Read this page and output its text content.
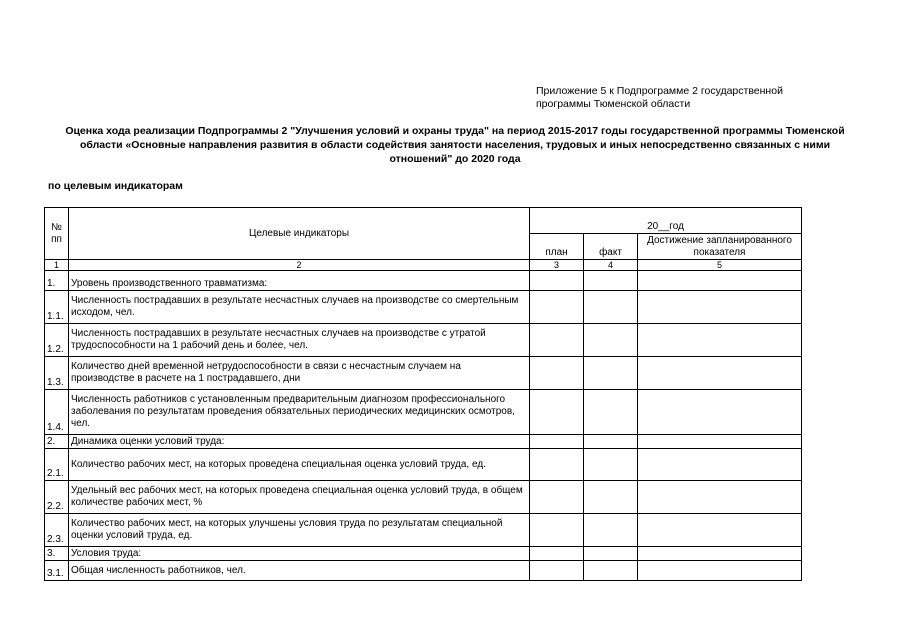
Приложение 5 к Подпрограмме 2 государственной программы Тюменской области
Оценка хода реализации Подпрограммы 2 "Улучшения условий и охраны труда" на период 2015-2017 годы государственной программы Тюменской области «Основные направления развития в области содействия занятости населения, трудовых и иных непосредственно связанных с ними отношений" до 2020 года
по целевым индикаторам
№ пп	Целевые индикаторы	20__год		
		план	факт	Достижение запланированного показателя
1	2	3	4	5
1.	Уровень производственного травматизма:			
1.1.	Численность пострадавших в результате несчастных случаев на производстве со смертельным исходом, чел.			
1.2.	Численность пострадавших в результате несчастных случаев на производстве с утратой трудоспособности на 1 рабочий день и более, чел.			
1.3.	Количество дней временной нетрудоспособности в связи с несчастным случаем на производстве в расчете на 1 пострадавшего, дни			
1.4.	Численность работников с установленным предварительным диагнозом профессионального заболевания по результатам проведения обязательных периодических медицинских осмотров, чел.			
2.	Динамика оценки условий труда:			
2.1.	Количество рабочих мест, на которых проведена специальная оценка условий труда, ед.			
2.2.	Удельный вес рабочих мест, на которых проведена специальная оценка условий труда, в общем количестве рабочих мест, %			
2.3.	Количество рабочих мест, на которых улучшены условия труда по результатам специальной оценки условий труда, ед.			
3.	Условия труда:			
3.1.	Общая численность работников, чел.			
